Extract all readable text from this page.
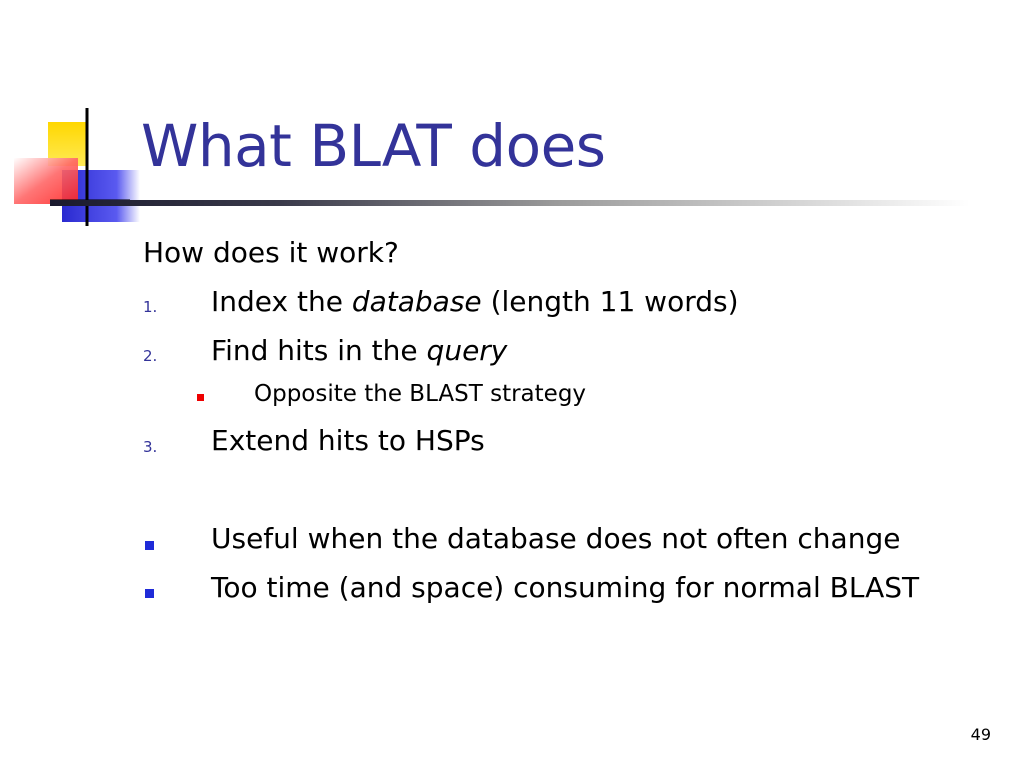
What BLAT does
How does it work?
1. Index the database (length 11 words)
2. Find hits in the query
Opposite the BLAST strategy
3. Extend hits to HSPs
Useful when the database does not often change
Too time (and space) consuming for normal BLAST
49
